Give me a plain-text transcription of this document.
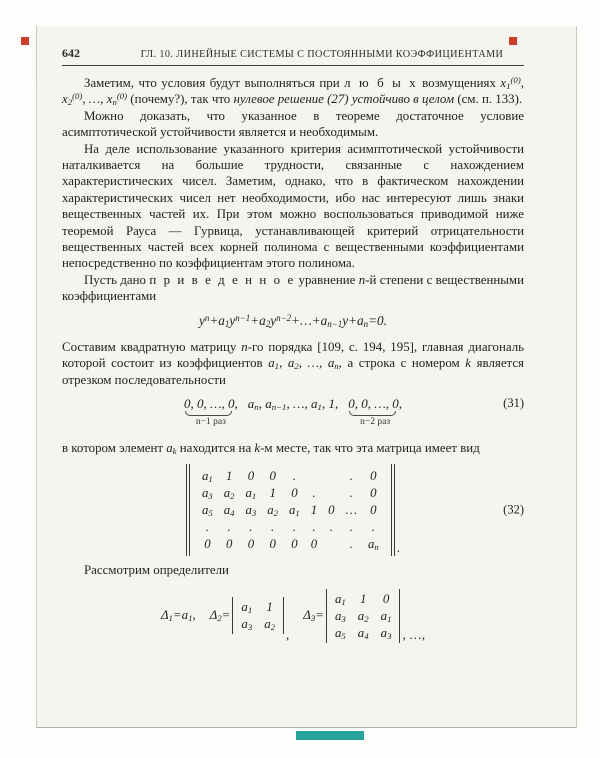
642	ГЛ. 10. ЛИНЕЙНЫЕ СИСТЕМЫ С ПОСТОЯННЫМИ КОЭФФИЦИЕНТАМИ

Заметим, что условия будут выполняться при л ю б ы х возмущениях $x_1^{(0)}$, $x_2^{(0)}$, …, $x_n^{(0)}$ (почему?), так что нулевое решение (27) устойчиво в целом (см. п. 133).

Можно доказать, что указанное в теореме достаточное условие асимптотической устойчивости является и необходимым.

На деле использование указанного критерия асимптотической устойчивости наталкивается на большие трудности, связанные с нахождением характеристических чисел. Заметим, однако, что в фактическом нахождении характеристических чисел нет необходимости, ибо нас интересуют лишь знаки вещественных частей их. При этом можно воспользоваться приводимой ниже теоремой Рауса — Гурвица, устанавливающей критерий отрицательности вещественных частей всех корней полинома с вещественными коэффициентами непосредственно по коэффициентам этого полинома.

Пусть дано п р и в е д е н н о е уравнение n-й степени с вещественными коэффициентами

$y^n+a_1y^{n-1}+a_2y^{n-2}+\dots+a_{n-1}y+a_n=0$.

Составим квадратную матрицу n-го порядка [109, с. 194, 195], главная диагональ которой состоит из коэффициентов $a_1$, $a_2$, …, $a_n$, а строка с номером k является отрезком последовательности

0, 0, …, 0,
n−1 раз
$a_n$, $a_{n-1}$, …, $a_1$, 1, 0, 0, …, 0,
n−2 раз
(31)

в котором элемент $a_k$ находится на k-м месте, так что эта матрица имеет вид

$a_1$ 1 0 0 .	.	0
$a_3$ $a_2$ $a_1$ 1 0 .	.	0
$a_5$ $a_4$ $a_3$ $a_2$ $a_1$ 1 0 … 0
. . . . . . .	.	.
0 0 0 0 0 0	.	$a_n$ .
(32)

Рассмотрим определители

$\Delta_1=a_1$, $\Delta_2=$
$a_1$ 1
$a_3$ $a_2$
,
$\Delta_3=$
$a_1$ 1 0
$a_3$ $a_2$ $a_1$
$a_5$ $a_4$ $a_3$ , …,
